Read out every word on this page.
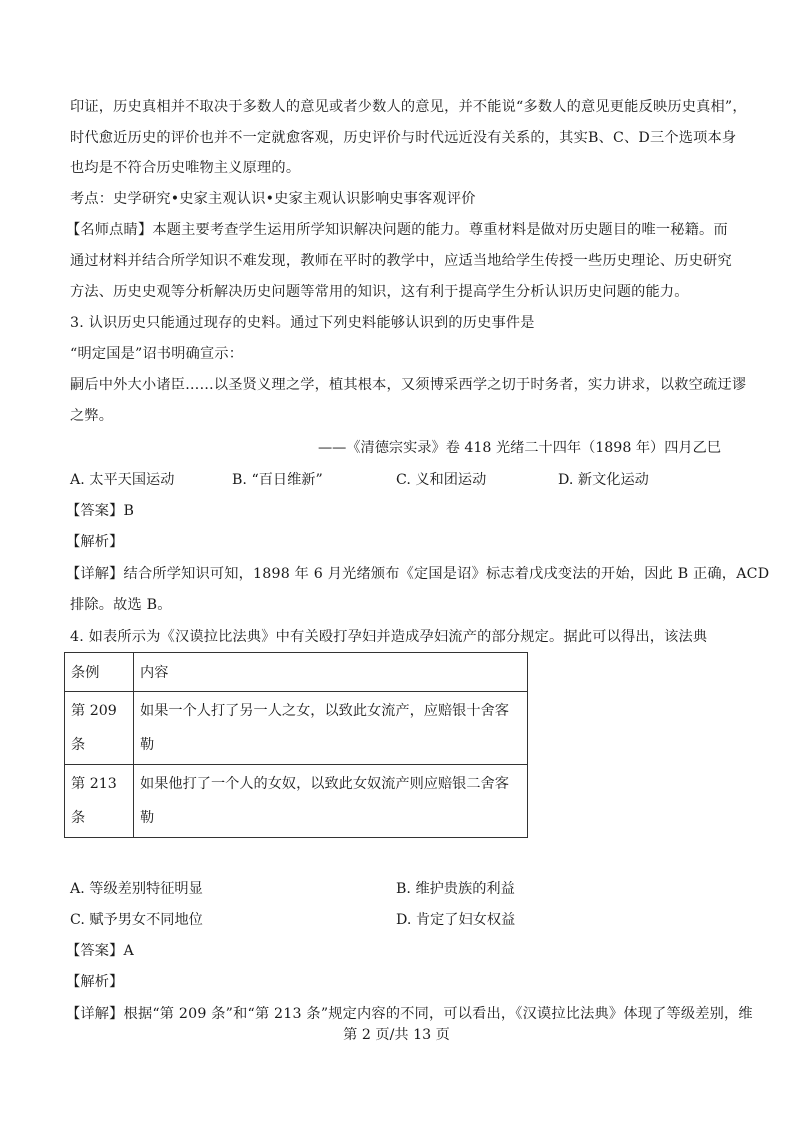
印证，历史真相并不取决于多数人的意见或者少数人的意见，并不能说“多数人的意见更能反映历史真相”，
时代愈近历史的评价也并不一定就愈客观，历史评价与时代远近没有关系的，其实B、C、D三个选项本身
也均是不符合历史唯物主义原理的。
考点：史学研究•史家主观认识•史家主观认识影响史事客观评价
【名师点睛】本题主要考查学生运用所学知识解决问题的能力。尊重材料是做对历史题目的唯一秘籍。而
通过材料并结合所学知识不难发现，教师在平时的教学中，应适当地给学生传授一些历史理论、历史研究
方法、历史史观等分析解决历史问题等常用的知识，这有利于提高学生分析认识历史问题的能力。
3. 认识历史只能通过现存的史料。通过下列史料能够认识到的历史事件是
“明定国是”诏书明确宣示：
嗣后中外大小诸臣……以圣贤义理之学，植其根本，又须博采西学之切于时务者，实力讲求，以救空疏迂谬
之弊。
——《清德宗实录》卷 418 光绪二十四年（1898 年）四月乙巳
A. 太平天国运动	B. “百日维新”	C. 义和团运动	D. 新文化运动
【答案】B
【解析】
【详解】结合所学知识可知，1898 年 6 月光绪颁布《定国是诏》标志着戊戌变法的开始，因此 B 正确，ACD
排除。故选 B。
4. 如表所示为《汉谟拉比法典》中有关殴打孕妇并造成孕妇流产的部分规定。据此可以得出，该法典
条例	内容

第 209
条	如果一个人打了另一人之女，以致此女流产，应赔银十舍客勒

第 213
条	如果他打了一个人的女奴，以致此女奴流产则应赔银二舍客勒
A. 等级差别特征明显	B. 维护贵族的利益
C. 赋予男女不同地位	D. 肯定了妇女权益
【答案】A
【解析】
【详解】根据“第 209 条”和“第 213 条”规定内容的不同，可以看出，《汉谟拉比法典》体现了等级差别，维
第 2 页/共 13 页
